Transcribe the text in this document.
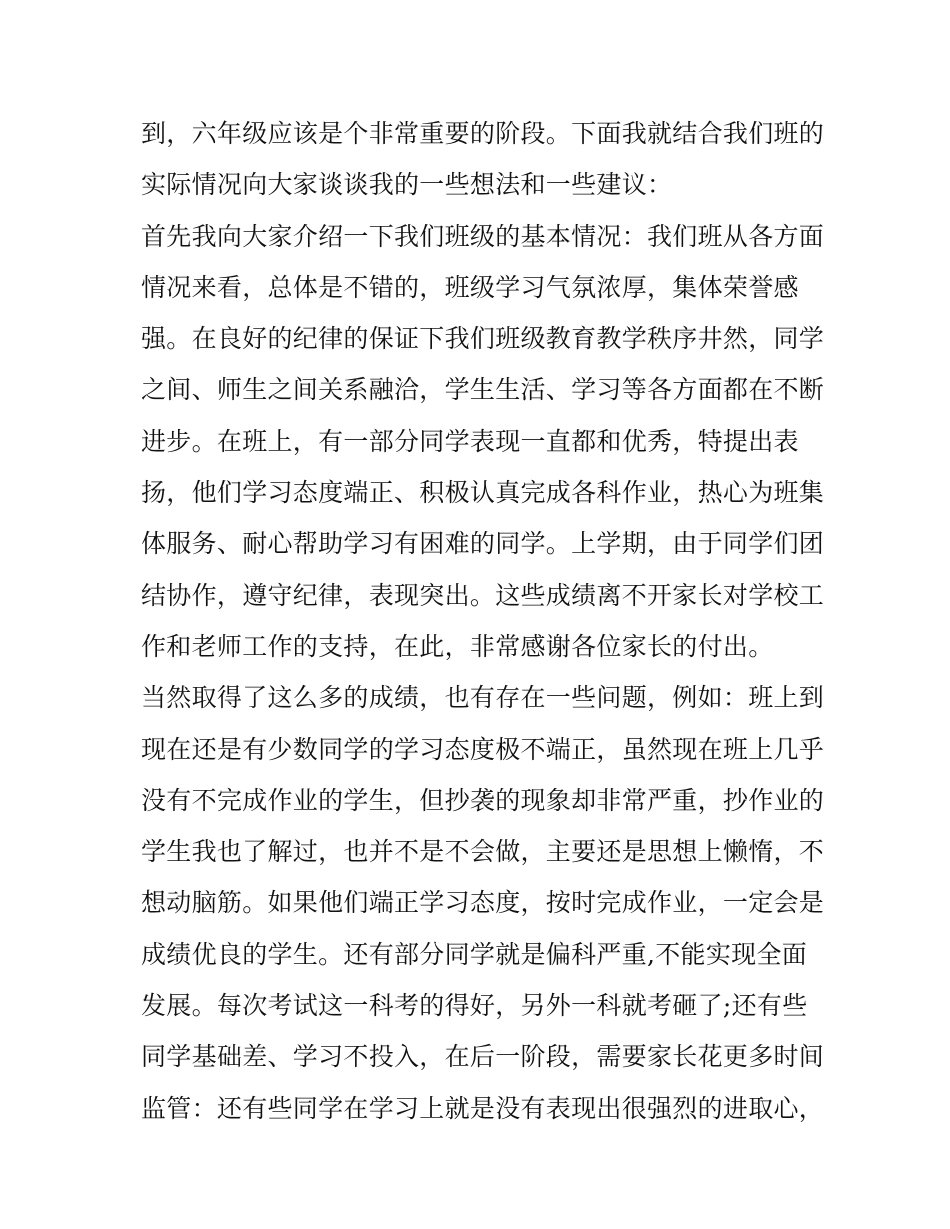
到，六年级应该是个非常重要的阶段。下面我就结合我们班的
实际情况向大家谈谈我的一些想法和一些建议：
首先我向大家介绍一下我们班级的基本情况：我们班从各方面
情况来看，总体是不错的，班级学习气氛浓厚，集体荣誉感
强。在良好的纪律的保证下我们班级教育教学秩序井然，同学
之间、师生之间关系融洽，学生生活、学习等各方面都在不断
进步。在班上，有一部分同学表现一直都和优秀，特提出表
扬，他们学习态度端正、积极认真完成各科作业，热心为班集
体服务、耐心帮助学习有困难的同学。上学期，由于同学们团
结协作，遵守纪律，表现突出。这些成绩离不开家长对学校工
作和老师工作的支持，在此，非常感谢各位家长的付出。
当然取得了这么多的成绩，也有存在一些问题，例如：班上到
现在还是有少数同学的学习态度极不端正，虽然现在班上几乎
没有不完成作业的学生，但抄袭的现象却非常严重，抄作业的
学生我也了解过，也并不是不会做，主要还是思想上懒惰，不
想动脑筋。如果他们端正学习态度，按时完成作业，一定会是
成绩优良的学生。还有部分同学就是偏科严重,不能实现全面
发展。每次考试这一科考的得好，另外一科就考砸了;还有些
同学基础差、学习不投入，在后一阶段，需要家长花更多时间
监管：还有些同学在学习上就是没有表现出很强烈的进取心，
